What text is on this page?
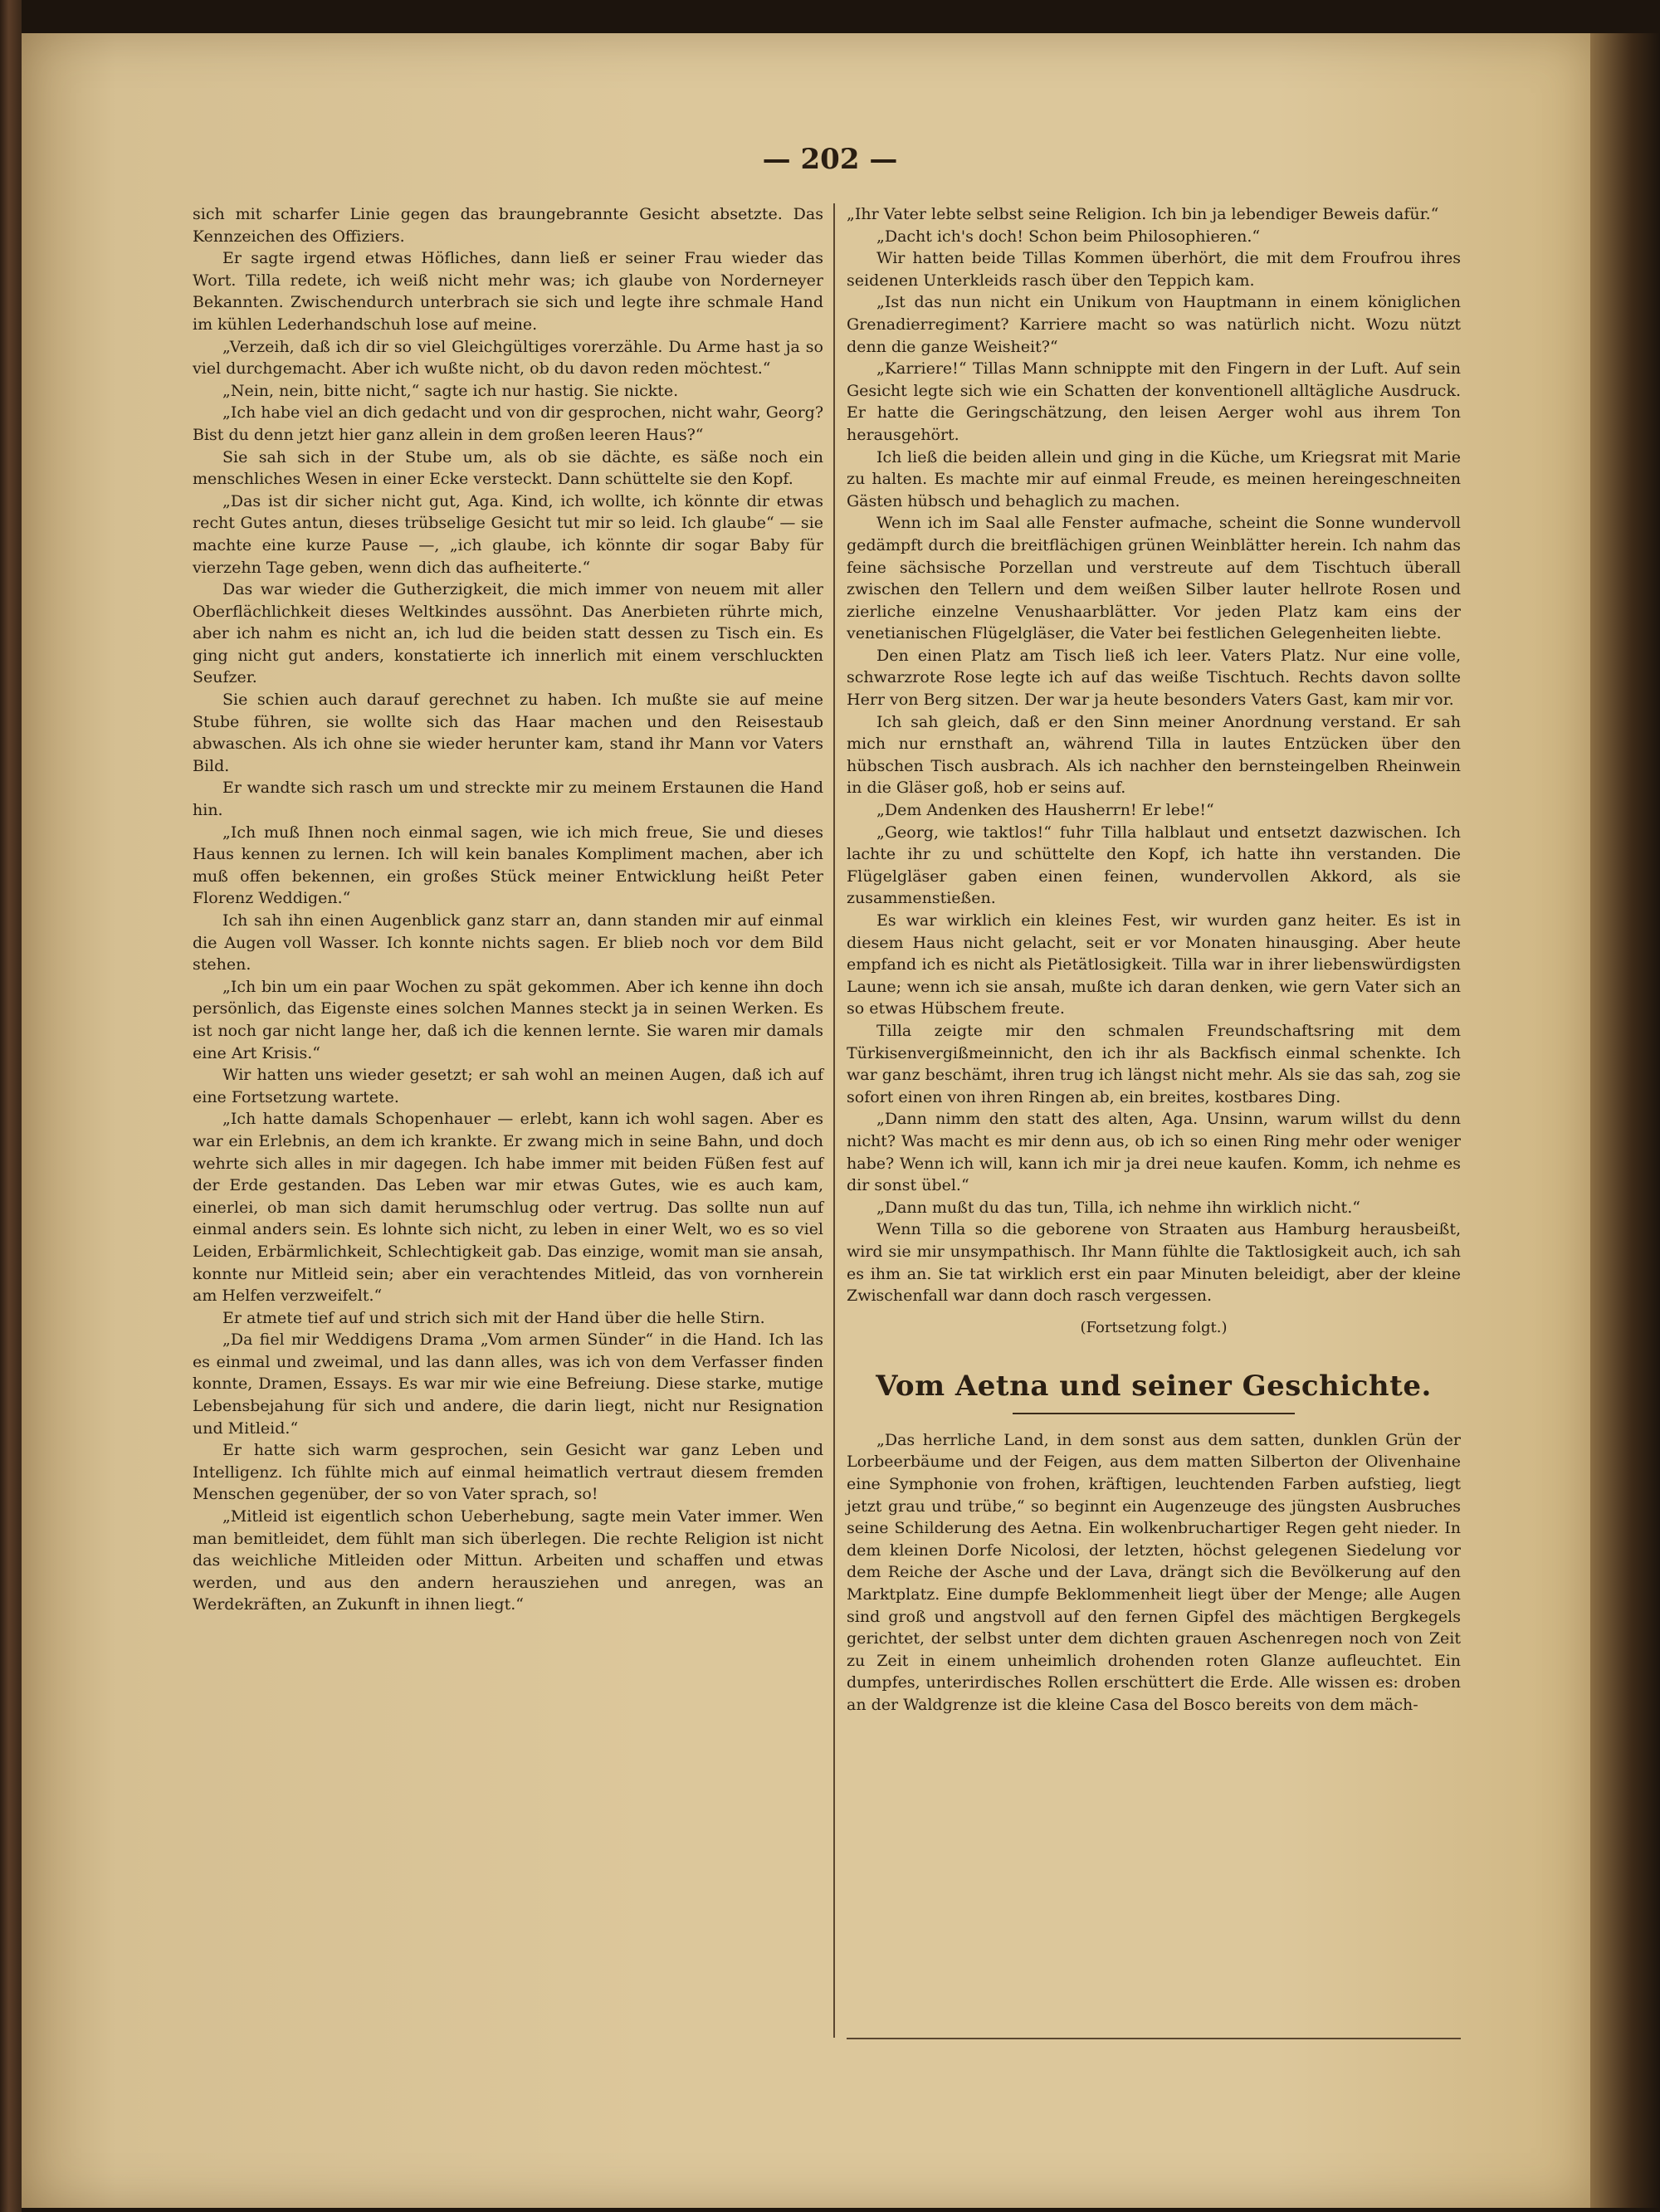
— 202 —

sich mit scharfer Linie gegen das braungebrannte Gesicht absetzte. Das Kennzeichen des Offiziers.

Er sagte irgend etwas Höfliches, dann ließ er seiner Frau wieder das Wort. Tilla redete, ich weiß nicht mehr was; ich glaube von Norderneyer Bekannten. Zwischendurch unterbrach sie sich und legte ihre schmale Hand im kühlen Lederhandschuh lose auf meine.

„Verzeih, daß ich dir so viel Gleichgültiges vorerzähle. Du Arme hast ja so viel durchgemacht. Aber ich wußte nicht, ob du davon reden möchtest.“

„Nein, nein, bitte nicht,“ sagte ich nur hastig. Sie nickte.

„Ich habe viel an dich gedacht und von dir gesprochen, nicht wahr, Georg? Bist du denn jetzt hier ganz allein in dem großen leeren Haus?“

Sie sah sich in der Stube um, als ob sie dächte, es säße noch ein menschliches Wesen in einer Ecke versteckt. Dann schüttelte sie den Kopf.

„Das ist dir sicher nicht gut, Aga. Kind, ich wollte, ich könnte dir etwas recht Gutes antun, dieses trübselige Gesicht tut mir so leid. Ich glaube“ — sie machte eine kurze Pause —, „ich glaube, ich könnte dir sogar Baby für vierzehn Tage geben, wenn dich das aufheiterte.“

Das war wieder die Gutherzigkeit, die mich immer von neuem mit aller Oberflächlichkeit dieses Weltkindes aussöhnt. Das Anerbieten rührte mich, aber ich nahm es nicht an, ich lud die beiden statt dessen zu Tisch ein. Es ging nicht gut anders, konstatierte ich innerlich mit einem verschluckten Seufzer.

Sie schien auch darauf gerechnet zu haben. Ich mußte sie auf meine Stube führen, sie wollte sich das Haar machen und den Reisestaub abwaschen. Als ich ohne sie wieder herunter kam, stand ihr Mann vor Vaters Bild.

Er wandte sich rasch um und streckte mir zu meinem Erstaunen die Hand hin.

„Ich muß Ihnen noch einmal sagen, wie ich mich freue, Sie und dieses Haus kennen zu lernen. Ich will kein banales Kompliment machen, aber ich muß offen bekennen, ein großes Stück meiner Entwicklung heißt Peter Florenz Weddigen.“

Ich sah ihn einen Augenblick ganz starr an, dann standen mir auf einmal die Augen voll Wasser. Ich konnte nichts sagen. Er blieb noch vor dem Bild stehen.

„Ich bin um ein paar Wochen zu spät gekommen. Aber ich kenne ihn doch persönlich, das Eigenste eines solchen Mannes steckt ja in seinen Werken. Es ist noch gar nicht lange her, daß ich die kennen lernte. Sie waren mir damals eine Art Krisis.“

Wir hatten uns wieder gesetzt; er sah wohl an meinen Augen, daß ich auf eine Fortsetzung wartete.

„Ich hatte damals Schopenhauer — erlebt, kann ich wohl sagen. Aber es war ein Erlebnis, an dem ich krankte. Er zwang mich in seine Bahn, und doch wehrte sich alles in mir dagegen. Ich habe immer mit beiden Füßen fest auf der Erde gestanden. Das Leben war mir etwas Gutes, wie es auch kam, einerlei, ob man sich damit herumschlug oder vertrug. Das sollte nun auf einmal anders sein. Es lohnte sich nicht, zu leben in einer Welt, wo es so viel Leiden, Erbärmlichkeit, Schlechtigkeit gab. Das einzige, womit man sie ansah, konnte nur Mitleid sein; aber ein verachtendes Mitleid, das von vornherein am Helfen verzweifelt.“

Er atmete tief auf und strich sich mit der Hand über die helle Stirn.

„Da fiel mir Weddigens Drama „Vom armen Sünder“ in die Hand. Ich las es einmal und zweimal, und las dann alles, was ich von dem Verfasser finden konnte, Dramen, Essays. Es war mir wie eine Befreiung. Diese starke, mutige Lebensbejahung für sich und andere, die darin liegt, nicht nur Resignation und Mitleid.“

Er hatte sich warm gesprochen, sein Gesicht war ganz Leben und Intelligenz. Ich fühlte mich auf einmal heimatlich vertraut diesem fremden Menschen gegenüber, der so von Vater sprach, so!

„Mitleid ist eigentlich schon Ueberhebung, sagte mein Vater immer. Wen man bemitleidet, dem fühlt man sich überlegen. Die rechte Religion ist nicht das weichliche Mitleiden oder Mittun. Arbeiten und schaffen und etwas werden, und aus den andern herausziehen und anregen, was an Werdekräften, an Zukunft in ihnen liegt.“

„Ihr Vater lebte selbst seine Religion. Ich bin ja lebendiger Beweis dafür.“

„Dacht ich's doch! Schon beim Philosophieren.“

Wir hatten beide Tillas Kommen überhört, die mit dem Froufrou ihres seidenen Unterkleids rasch über den Teppich kam.

„Ist das nun nicht ein Unikum von Hauptmann in einem königlichen Grenadierregiment? Karriere macht so was natürlich nicht. Wozu nützt denn die ganze Weisheit?“

„Karriere!“ Tillas Mann schnippte mit den Fingern in der Luft. Auf sein Gesicht legte sich wie ein Schatten der konventionell alltägliche Ausdruck. Er hatte die Geringschätzung, den leisen Aerger wohl aus ihrem Ton herausgehört.

Ich ließ die beiden allein und ging in die Küche, um Kriegsrat mit Marie zu halten. Es machte mir auf einmal Freude, es meinen hereingeschneiten Gästen hübsch und behaglich zu machen.

Wenn ich im Saal alle Fenster aufmache, scheint die Sonne wundervoll gedämpft durch die breitflächigen grünen Weinblätter herein. Ich nahm das feine sächsische Porzellan und verstreute auf dem Tischtuch überall zwischen den Tellern und dem weißen Silber lauter hellrote Rosen und zierliche einzelne Venushaarblätter. Vor jeden Platz kam eins der venetianischen Flügelgläser, die Vater bei festlichen Gelegenheiten liebte.

Den einen Platz am Tisch ließ ich leer. Vaters Platz. Nur eine volle, schwarzrote Rose legte ich auf das weiße Tischtuch. Rechts davon sollte Herr von Berg sitzen. Der war ja heute besonders Vaters Gast, kam mir vor.

Ich sah gleich, daß er den Sinn meiner Anordnung verstand. Er sah mich nur ernsthaft an, während Tilla in lautes Entzücken über den hübschen Tisch ausbrach. Als ich nachher den bernsteingelben Rheinwein in die Gläser goß, hob er seins auf.

„Dem Andenken des Hausherrn! Er lebe!“

„Georg, wie taktlos!“ fuhr Tilla halblaut und entsetzt dazwischen. Ich lachte ihr zu und schüttelte den Kopf, ich hatte ihn verstanden. Die Flügelgläser gaben einen feinen, wundervollen Akkord, als sie zusammenstießen.

Es war wirklich ein kleines Fest, wir wurden ganz heiter. Es ist in diesem Haus nicht gelacht, seit er vor Monaten hinausging. Aber heute empfand ich es nicht als Pietätlosigkeit. Tilla war in ihrer liebenswürdigsten Laune; wenn ich sie ansah, mußte ich daran denken, wie gern Vater sich an so etwas Hübschem freute.

Tilla zeigte mir den schmalen Freundschaftsring mit dem Türkisenvergißmeinnicht, den ich ihr als Backfisch einmal schenkte. Ich war ganz beschämt, ihren trug ich längst nicht mehr. Als sie das sah, zog sie sofort einen von ihren Ringen ab, ein breites, kostbares Ding.

„Dann nimm den statt des alten, Aga. Unsinn, warum willst du denn nicht? Was macht es mir denn aus, ob ich so einen Ring mehr oder weniger habe? Wenn ich will, kann ich mir ja drei neue kaufen. Komm, ich nehme es dir sonst übel.“

„Dann mußt du das tun, Tilla, ich nehme ihn wirklich nicht.“

Wenn Tilla so die geborene von Straaten aus Hamburg herausbeißt, wird sie mir unsympathisch. Ihr Mann fühlte die Taktlosigkeit auch, ich sah es ihm an. Sie tat wirklich erst ein paar Minuten beleidigt, aber der kleine Zwischenfall war dann doch rasch vergessen.

(Fortsetzung folgt.)
Vom Aetna und seiner Geschichte.

„Das herrliche Land, in dem sonst aus dem satten, dunklen Grün der Lorbeerbäume und der Feigen, aus dem matten Silberton der Olivenhaine eine Symphonie von frohen, kräftigen, leuchtenden Farben aufstieg, liegt jetzt grau und trübe,“ so beginnt ein Augenzeuge des jüngsten Ausbruches seine Schilderung des Aetna. Ein wolkenbruchartiger Regen geht nieder. In dem kleinen Dorfe Nicolosi, der letzten, höchst gelegenen Siedelung vor dem Reiche der Asche und der Lava, drängt sich die Bevölkerung auf den Marktplatz. Eine dumpfe Beklommenheit liegt über der Menge; alle Augen sind groß und angstvoll auf den fernen Gipfel des mächtigen Bergkegels gerichtet, der selbst unter dem dichten grauen Aschenregen noch von Zeit zu Zeit in einem unheimlich drohenden roten Glanze aufleuchtet. Ein dumpfes, unterirdisches Rollen erschüttert die Erde. Alle wissen es: droben an der Waldgrenze ist die kleine Casa del Bosco bereits von dem mäch-
